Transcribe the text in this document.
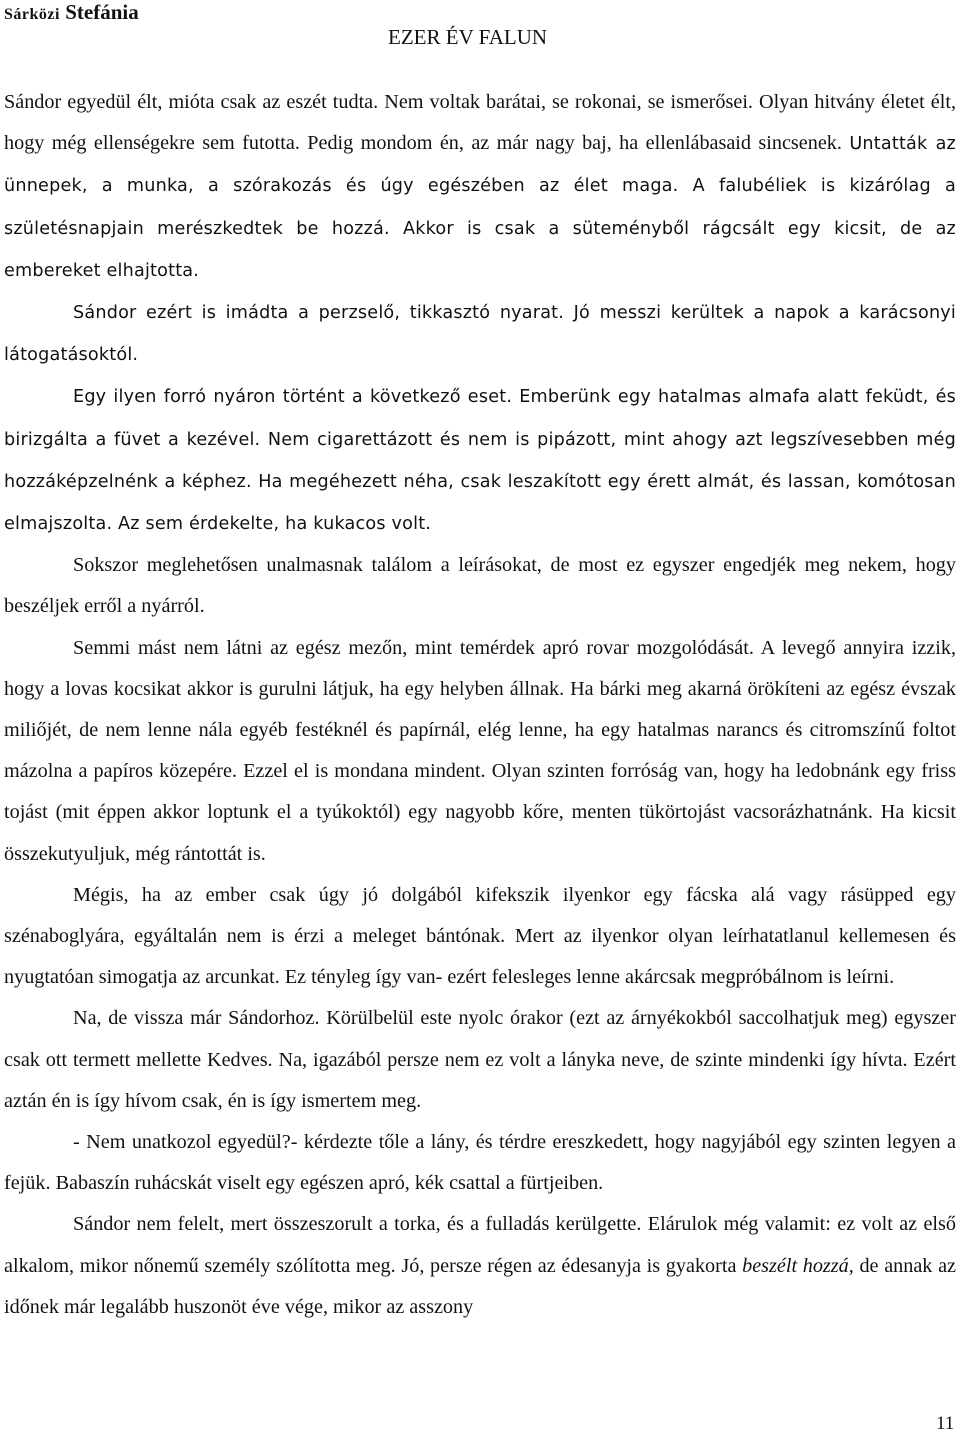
Sárközi Stefánia
EZER ÉV FALUN

Sándor egyedül élt, mióta csak az eszét tudta. Nem voltak barátai, se rokonai, se ismerősei. Olyan hitvány életet élt, hogy még ellenségekre sem futotta. Pedig mondom én, az már nagy baj, ha ellenlábasaid sincsenek. Untatták az ünnepek, a munka, a szórakozás és úgy egészében az élet maga. A falubéliek is kizárólag a születésnapjain merészkedtek be hozzá. Akkor is csak a süteményből rágcsált egy kicsit, de az embereket elhajtotta.

Sándor ezért is imádta a perzselő, tikkasztó nyarat. Jó messzi kerültek a napok a karácsonyi látogatásoktól.

Egy ilyen forró nyáron történt a következő eset. Emberünk egy hatalmas almafa alatt feküdt, és birizgálta a füvet a kezével. Nem cigarettázott és nem is pipázott, mint ahogy azt legszívesebben még hozzáképzelnénk a képhez. Ha megéhezett néha, csak leszakított egy érett almát, és lassan, komótosan elmajszolta. Az sem érdekelte, ha kukacos volt.

Sokszor meglehetősen unalmasnak találom a leírásokat, de most ez egyszer engedjék meg nekem, hogy beszéljek erről a nyárról.

Semmi mást nem látni az egész mezőn, mint temérdek apró rovar mozgolódását. A levegő annyira izzik, hogy a lovas kocsikat akkor is gurulni látjuk, ha egy helyben állnak. Ha bárki meg akarná örökíteni az egész évszak miliőjét, de nem lenne nála egyéb festéknél és papírnál, elég lenne, ha egy hatalmas narancs és citromszínű foltot mázolna a papíros közepére. Ezzel el is mondana mindent. Olyan szinten forróság van, hogy ha ledobnánk egy friss tojást (mit éppen akkor loptunk el a tyúkoktól) egy nagyobb kőre, menten tükörtojást vacsorázhatnánk. Ha kicsit összekutyuljuk, még rántottát is.

Mégis, ha az ember csak úgy jó dolgából kifekszik ilyenkor egy fácska alá vagy rásüpped egy szénaboglyára, egyáltalán nem is érzi a meleget bántónak. Mert az ilyenkor olyan leírhatatlanul kellemesen és nyugtatóan simogatja az arcunkat. Ez tényleg így van- ezért felesleges lenne akárcsak megpróbálnom is leírni.

Na, de vissza már Sándorhoz. Körülbelül este nyolc órakor (ezt az árnyékokból saccolhatjuk meg) egyszer csak ott termett mellette Kedves. Na, igazából persze nem ez volt a lányka neve, de szinte mindenki így hívta. Ezért aztán én is így hívom csak, én is így ismertem meg.

- Nem unatkozol egyedül?- kérdezte tőle a lány, és térdre ereszkedett, hogy nagyjából egy szinten legyen a fejük. Babaszín ruhácskát viselt egy egészen apró, kék csattal a fürtjeiben.

Sándor nem felelt, mert összeszorult a torka, és a fulladás kerülgette. Elárulok még valamit: ez volt az első alkalom, mikor nőnemű személy szólította meg. Jó, persze régen az édesanyja is gyakorta beszélt hozzá, de annak az időnek már legalább huszonöt éve vége, mikor az asszony

11
